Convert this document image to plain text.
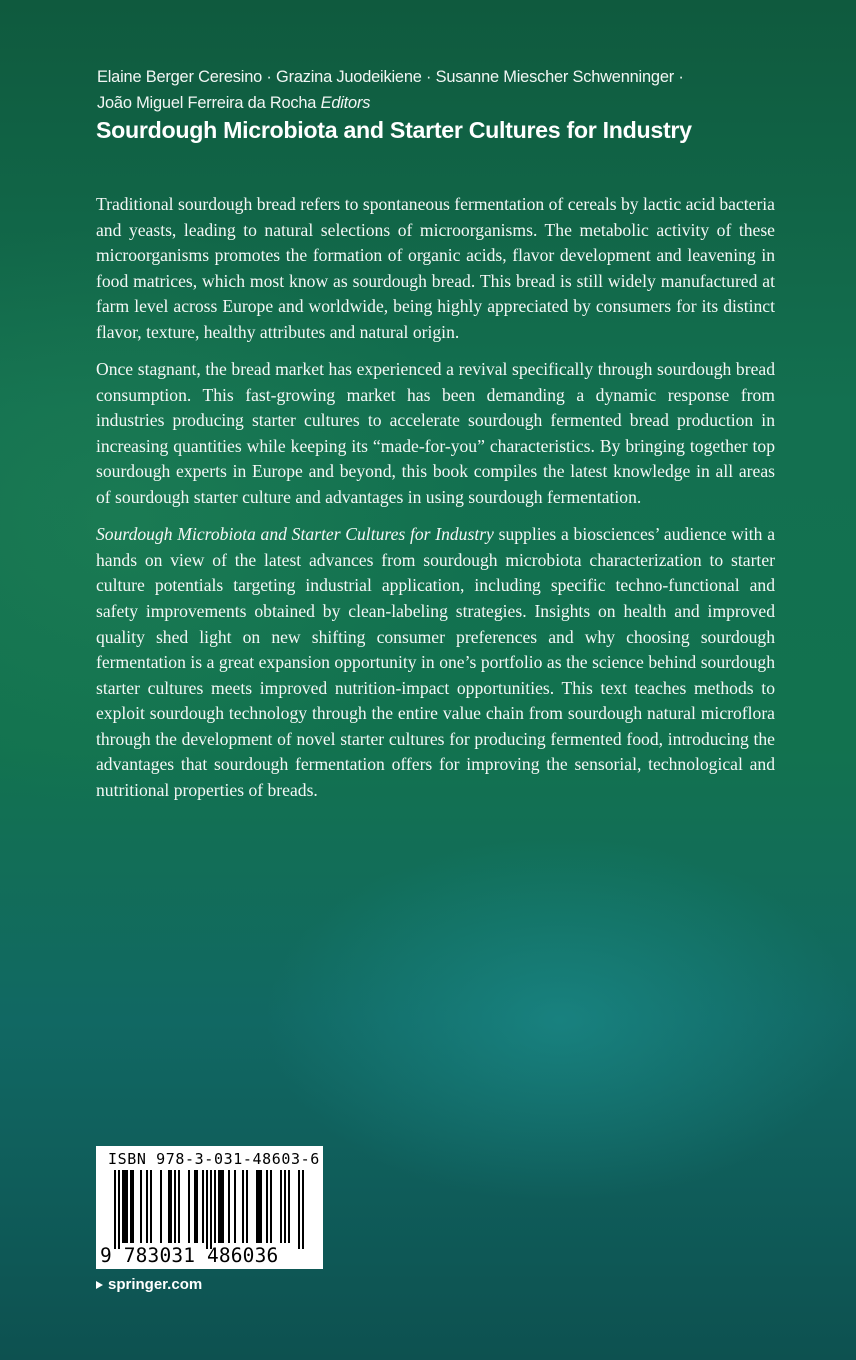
Elaine Berger Ceresino · Grazina Juodeikiene · Susanne Miescher Schwenninger ·
João Miguel Ferreira da Rocha Editors
Sourdough Microbiota and Starter Cultures for Industry

Traditional sourdough bread refers to spontaneous fermentation of cereals by lactic acid bacteria and yeasts, leading to natural selections of microorganisms. The metabolic activity of these microorganisms promotes the formation of organic acids, flavor development and leavening in food matrices, which most know as sourdough bread. This bread is still widely manufactured at farm level across Europe and worldwide, being highly appreciated by consumers for its distinct flavor, texture, healthy attributes and natural origin.

Once stagnant, the bread market has experienced a revival specifically through sourdough bread consumption. This fast-growing market has been demanding a dynamic response from industries producing starter cultures to accelerate sourdough fermented bread production in increasing quantities while keeping its “made-for-you” characteristics. By bringing together top sourdough experts in Europe and beyond, this book compiles the latest knowledge in all areas of sourdough starter culture and advantages in using sourdough fermentation.

Sourdough Microbiota and Starter Cultures for Industry supplies a biosciences’ audience with a hands on view of the latest advances from sourdough microbiota characterization to starter culture potentials targeting industrial application, including specific techno-functional and safety improvements obtained by clean-labeling strategies. Insights on health and improved quality shed light on new shifting consumer preferences and why choosing sourdough fermentation is a great expansion opportunity in one’s portfolio as the science behind sourdough starter cultures meets improved nutrition-impact opportunities. This text teaches methods to exploit sourdough technology through the entire value chain from sourdough natural microflora through the development of novel starter cultures for producing fermented food, introducing the advantages that sourdough fermentation offers for improving the sensorial, technological and nutritional properties of breads.

ISBN 978-3-031-48603-6
9 783031 486036
springer.com
